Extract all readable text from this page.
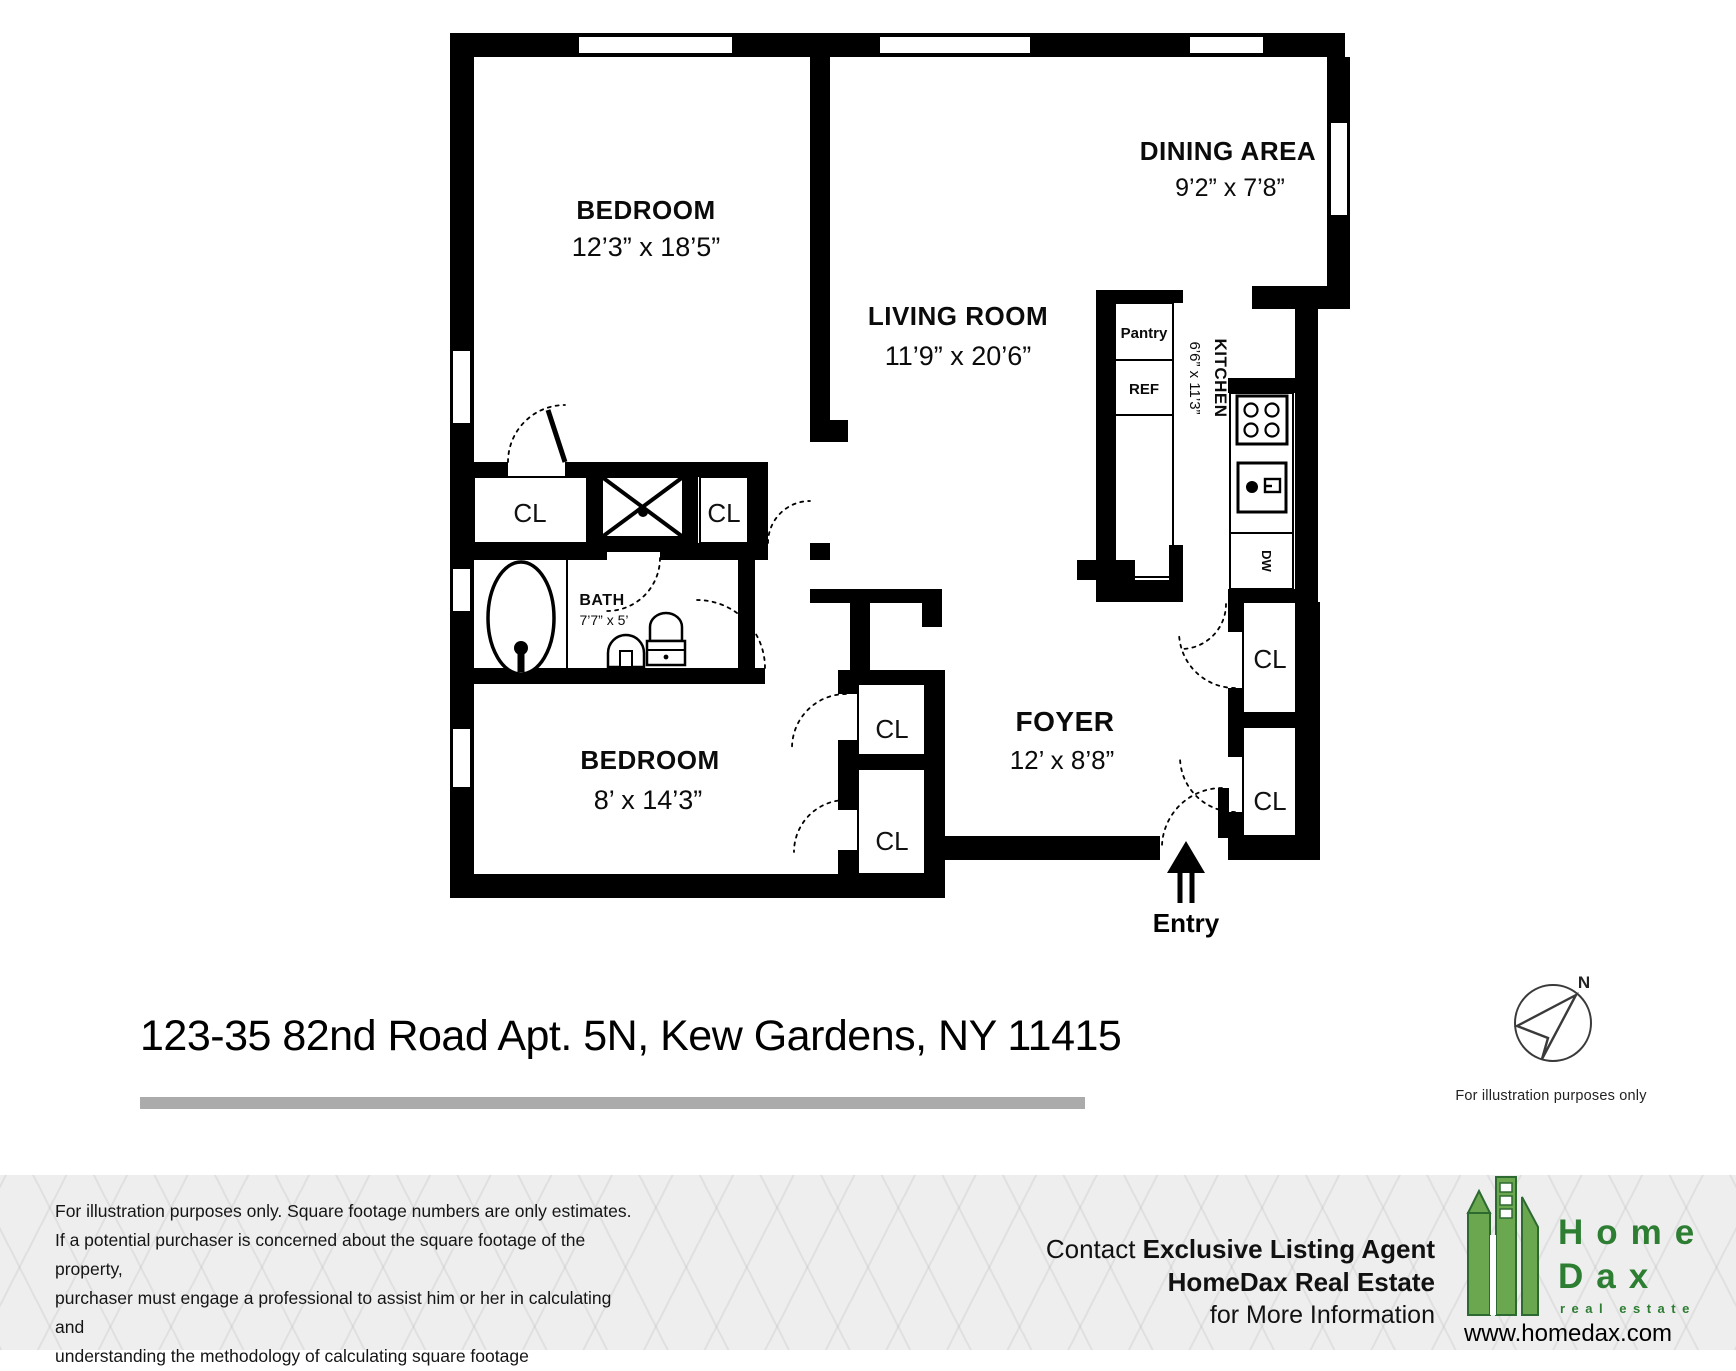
BEDROOM
12’3” x 18’5”
LIVING ROOM
11’9” x 20’6”
DINING AREA
9’2” x 7’8”
KITCHEN
6’6” x 11’3”
BATH
7’7” x 5’
BEDROOM
8’ x 14’3”
FOYER
12’ x 8’8”
Pantry
REF
DW
CL	CL
CL
CL
CL
CL
Entry
N
For illustration purposes only
123-35 82nd Road Apt. 5N, Kew Gardens, NY 11415
For illustration purposes only. Square footage numbers are only estimates.
If a potential purchaser is concerned about the square footage of the property,
purchaser must engage a professional to assist him or her in calculating and
understanding the methodology of calculating square footage
Contact Exclusive Listing Agent
HomeDax Real Estate
for More Information
Home
Dax
real estate
www.homedax.com
